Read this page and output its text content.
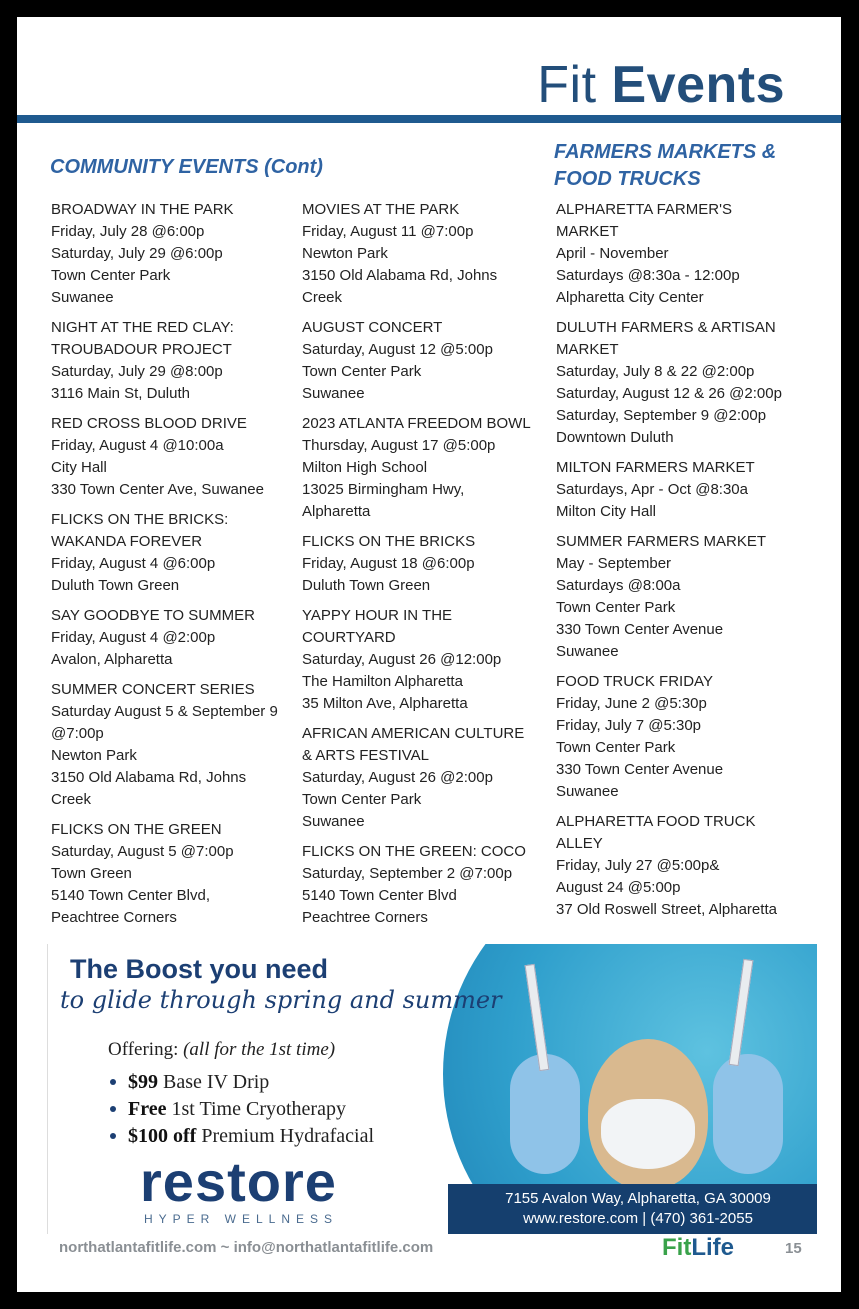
Fit Events
COMMUNITY EVENTS (Cont)
FARMERS MARKETS &
FOOD TRUCKS
BROADWAY IN THE PARK
Friday, July 28 @6:00p
Saturday, July 29 @6:00p
Town Center Park
Suwanee
NIGHT AT THE RED CLAY:
TROUBADOUR PROJECT
Saturday, July 29 @8:00p
3116 Main St, Duluth
RED CROSS BLOOD DRIVE
Friday, August 4 @10:00a
City Hall
330 Town Center Ave, Suwanee
FLICKS ON THE BRICKS:
WAKANDA FOREVER
Friday, August 4 @6:00p
Duluth Town Green
SAY GOODBYE TO SUMMER
Friday, August 4 @2:00p
Avalon, Alpharetta
SUMMER CONCERT SERIES
Saturday August 5 & September 9
@7:00p
Newton Park
3150 Old Alabama Rd, Johns
Creek
FLICKS ON THE GREEN
Saturday, August 5 @7:00p
Town Green
5140 Town Center Blvd,
Peachtree Corners
MOVIES AT THE PARK
Friday, August 11 @7:00p
Newton Park
3150 Old Alabama Rd, Johns
Creek
AUGUST CONCERT
Saturday, August 12 @5:00p
Town Center Park
Suwanee
2023 ATLANTA FREEDOM BOWL
Thursday, August 17 @5:00p
Milton High School
13025 Birmingham Hwy,
Alpharetta
FLICKS ON THE BRICKS
Friday, August 18 @6:00p
Duluth Town Green
YAPPY HOUR IN THE
COURTYARD
Saturday, August 26 @12:00p
The Hamilton Alpharetta
35 Milton Ave, Alpharetta
AFRICAN AMERICAN CULTURE
& ARTS FESTIVAL
Saturday, August 26 @2:00p
Town Center Park
Suwanee
FLICKS ON THE GREEN: COCO
Saturday, September 2 @7:00p
5140 Town Center Blvd
Peachtree Corners
ALPHARETTA FARMER'S
MARKET
April - November
Saturdays @8:30a - 12:00p
Alpharetta City Center
DULUTH FARMERS & ARTISAN
MARKET
Saturday, July 8 & 22 @2:00p
Saturday, August 12 & 26 @2:00p
Saturday, September 9 @2:00p
Downtown Duluth
MILTON FARMERS MARKET
Saturdays, Apr - Oct @8:30a
Milton City Hall
SUMMER FARMERS MARKET
May - September
Saturdays @8:00a
Town Center Park
330 Town Center Avenue
Suwanee
FOOD TRUCK FRIDAY
Friday, June 2 @5:30p
Friday, July 7 @5:30p
Town Center Park
330 Town Center Avenue
Suwanee
ALPHARETTA FOOD TRUCK
ALLEY
Friday, July 27 @5:00p&
August 24 @5:00p
37 Old Roswell Street, Alpharetta
The Boost you need
to glide through spring and summer
Offering: (all for the 1st time)
$99 Base IV Drip
Free 1st Time Cryotherapy
$100 off Premium Hydrafacial
restore
HYPER WELLNESS
7155 Avalon Way, Alpharetta, GA 30009
www.restore.com | (470) 361-2055
northatlantafitlife.com ~ info@northatlantafitlife.com	FitLife	15
